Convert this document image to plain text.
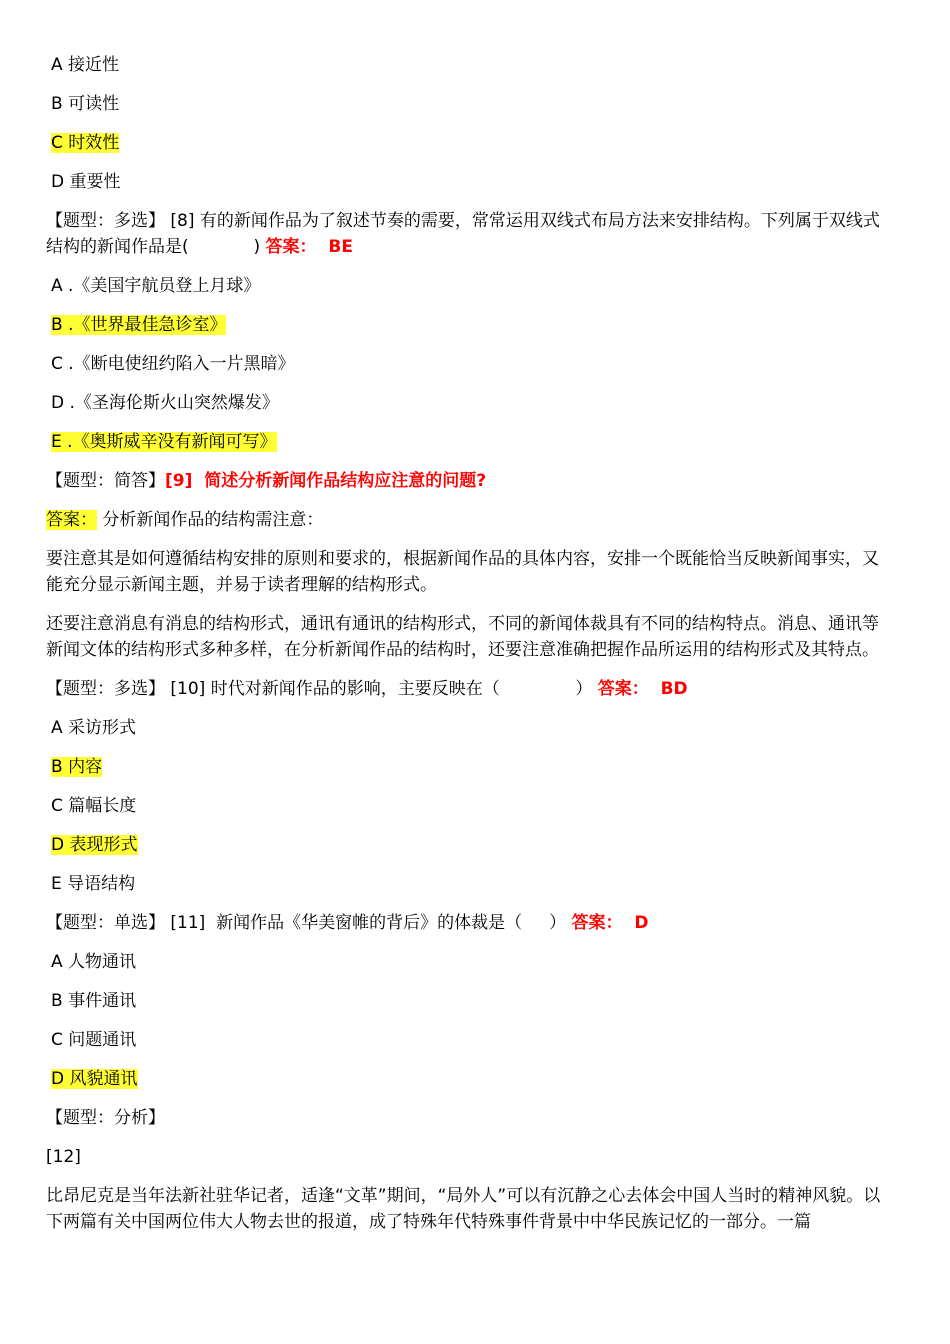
A 接近性
B 可读性
C 时效性
D 重要性
【题型：多选】 [8] 有的新闻作品为了叙述节奏的需要，常常运用双线式布局方法来安排结构。下列属于双线式结构的新闻作品是(	) 答案：  BE
A .《美国宇航员登上月球》
B .《世界最佳急诊室》
C .《断电使纽约陷入一片黑暗》
D .《圣海伦斯火山突然爆发》
E .《奥斯威辛没有新闻可写》
【题型：简答】[9]  简述分析新闻作品结构应注意的问题?
答案： 分析新闻作品的结构需注意：
要注意其是如何遵循结构安排的原则和要求的，根据新闻作品的具体内容，安排一个既能恰当反映新闻事实，又能充分显示新闻主题，并易于读者理解的结构形式。
还要注意消息有消息的结构形式，通讯有通讯的结构形式，不同的新闻体裁具有不同的结构特点。消息、通讯等新闻文体的结构形式多种多样，在分析新闻作品的结构时，还要注意准确把握作品所运用的结构形式及其特点。
【题型：多选】 [10] 时代对新闻作品的影响，主要反映在（	） 答案：  BD
A 采访形式
B 内容
C 篇幅长度
D 表现形式
E 导语结构
【题型：单选】 [11]  新闻作品《华美窗帷的背后》的体裁是（ ） 答案：  D
A 人物通讯
B 事件通讯
C 问题通讯
D 风貌通讯
【题型：分析】
[12]
比昂尼克是当年法新社驻华记者，适逢“文革”期间，“局外人”可以有沉静之心去体会中国人当时的精神风貌。以下两篇有关中国两位伟大人物去世的报道，成了特殊年代特殊事件背景中中华民族记忆的一部分。一篇
